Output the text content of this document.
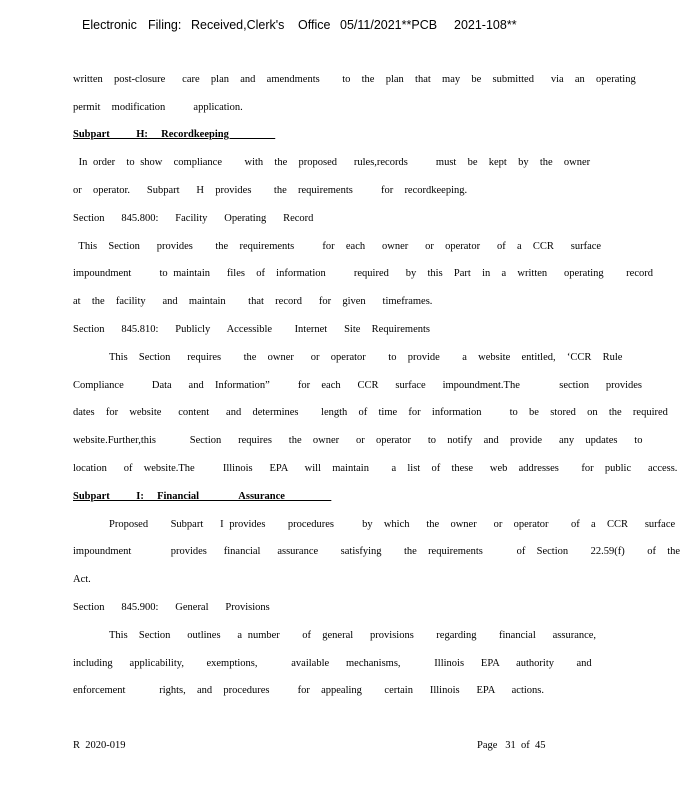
Electronic

Filing:

Received,Clerk's

Office

05/11/2021**PCB

2021-108**

written  post-closure   care  plan  and  amendments    to  the  plan  that  may  be  submitted   via  an  operating
permit  modification     application.
Subpart    H:  Recordkeeping
In order  to show  compliance    with  the  proposed   rules,records     must  be  kept  by  the  owner
or  operator.   Subpart   H  provides    the  requirements     for  recordkeeping.
Section   845.800:   Facility   Operating   Record
This  Section   provides    the  requirements     for  each   owner   or  operator   of  a  CCR   surface
impoundment     to maintain   files  of  information     required   by  this  Part  in  a  written   operating    record
at  the  facility   and  maintain    that  record   for  given   timeframes.
Section   845.810:   Publicly   Accessible    Internet   Site  Requirements
This  Section   requires    the  owner   or  operator    to  provide    a  website  entitled,  ‘CCR  Rule
Compliance     Data   and  Information”     for  each   CCR   surface   impoundment.The       section   provides
dates  for  website   content   and  determines    length  of  time  for  information     to  be  stored  on  the  required
website.Further,this      Section   requires   the  owner   or  operator   to  notify  and  provide   any  updates   to
location   of  website.The     Illinois   EPA   will  maintain    a  list  of  these   web  addresses    for  public   access.
Subpart    I:  Financial      Assurance
Proposed    Subpart   I provides    procedures     by  which   the  owner   or  operator    of  a  CCR   surface
impoundment       provides   financial   assurance    satisfying    the  requirements      of  Section    22.59(f)    of  the
Act.
Section   845.900:   General   Provisions
This  Section   outlines   a number    of  general   provisions    regarding    financial   assurance,
including   applicability,    exemptions,      available   mechanisms,      Illinois   EPA   authority    and
enforcement      rights,  and  procedures     for  appealing    certain   Illinois   EPA   actions.
R  2020-019	Page   31  of  45
